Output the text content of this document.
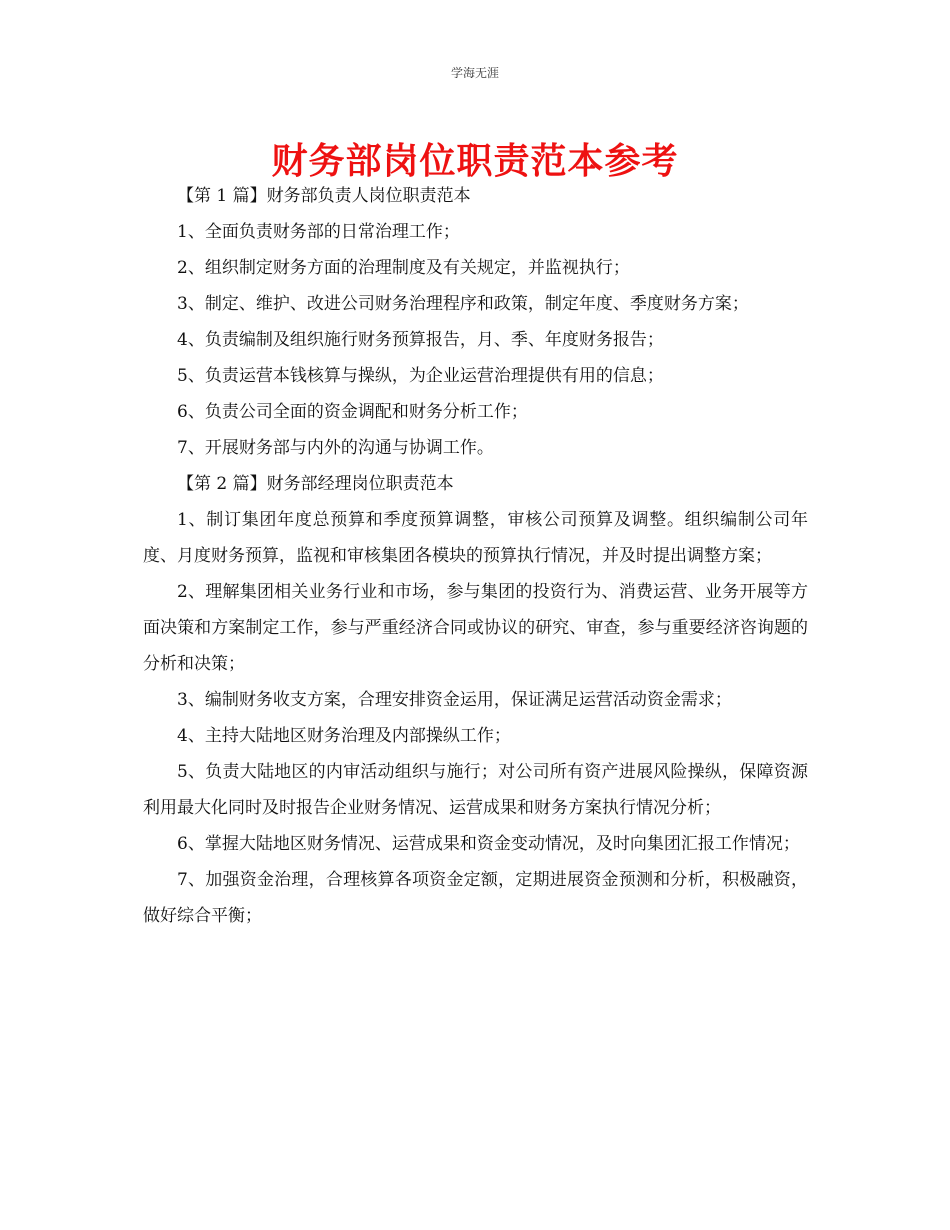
学海无涯
财务部岗位职责范本参考

【第 1 篇】财务部负责人岗位职责范本

1、全面负责财务部的日常治理工作；

2、组织制定财务方面的治理制度及有关规定，并监视执行；

3、制定、维护、改进公司财务治理程序和政策，制定年度、季度财务方案；

4、负责编制及组织施行财务预算报告，月、季、年度财务报告；

5、负责运营本钱核算与操纵，为企业运营治理提供有用的信息；

6、负责公司全面的资金调配和财务分析工作；

7、开展财务部与内外的沟通与协调工作。

【第 2 篇】财务部经理岗位职责范本

1、制订集团年度总预算和季度预算调整，审核公司预算及调整。组织编制公司年度、月度财务预算，监视和审核集团各模块的预算执行情况，并及时提出调整方案；

2、理解集团相关业务行业和市场，参与集团的投资行为、消费运营、业务开展等方面决策和方案制定工作，参与严重经济合同或协议的研究、审查，参与重要经济咨询题的分析和决策；

3、编制财务收支方案，合理安排资金运用，保证满足运营活动资金需求；

4、主持大陆地区财务治理及内部操纵工作；

5、负责大陆地区的内审活动组织与施行；对公司所有资产进展风险操纵，保障资源利用最大化同时及时报告企业财务情况、运营成果和财务方案执行情况分析；

6、掌握大陆地区财务情况、运营成果和资金变动情况，及时向集团汇报工作情况；

7、加强资金治理，合理核算各项资金定额，定期进展资金预测和分析，积极融资，做好综合平衡；
